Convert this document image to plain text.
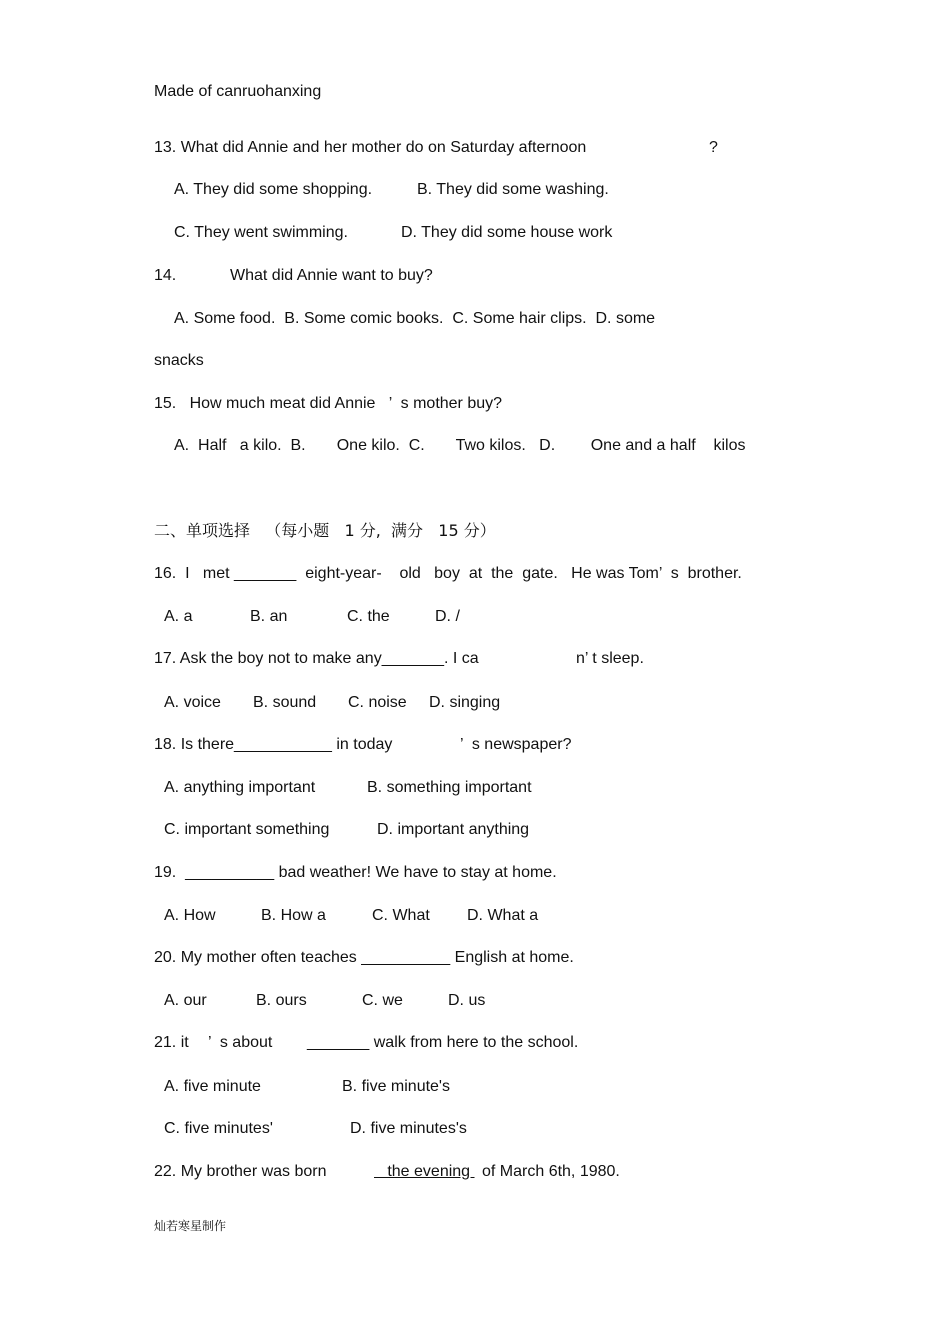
Made of canruohanxing
13. What did Annie and her mother do on Saturday afternoon	?
A. They did some shopping.	B. They did some washing.
C. They went swimming.	D. They did some house work
14.	What did Annie want to buy?
A. Some food.  B. Some comic books.  C. Some hair clips.  D. some
snacks
15.   How much meat did Annie   ’  s mother buy?
A.  Half   a kilo.  B.       One kilo.  C.       Two kilos.   D.        One and a half    kilos
二、单项选择   （每小题   1 分,  满分   15 分）
16.  I   met _______  eight-year-    old   boy  at  the  gate.   He was Tom’  s  brother.
A. a	B. an	C. the	D. /
17. Ask the boy not to make any_______. I ca	n’ t sleep.
A. voice B. sound C. noise D. singing
18. Is there___________ in today	’  s newspaper?
A. anything important	B. something important
C. important something	D. important anything
19.  __________ bad weather! We have to stay at home.
A. How	B. How a	C. What D. What a
20. My mother often teaches __________ English at home.
A. our	B. ours	C. we	D. us
21. it ’  s about _______ walk from here to the school.
A. five minute	B. five minute's
C. five minutes'	D. five minutes's
22. My brother was born	the evening of March 6th, 1980.
灿若寒星制作
